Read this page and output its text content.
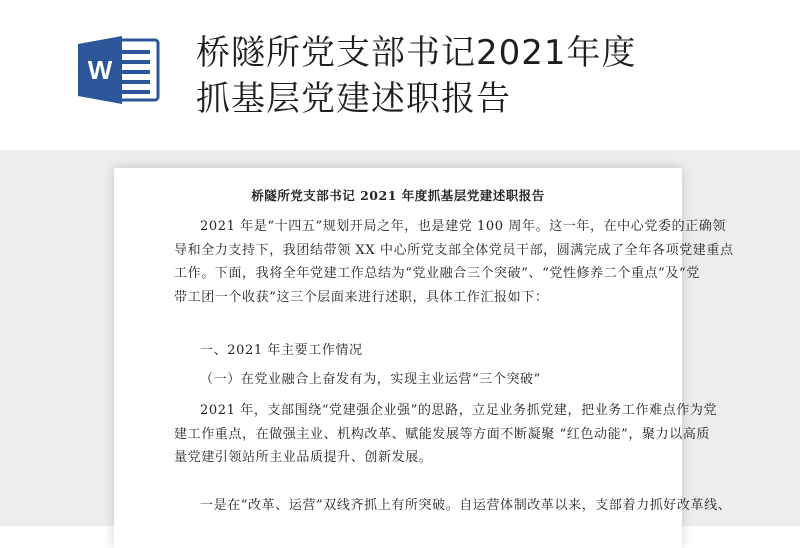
W 桥隧所党支部书记2021年度
抓基层党建述职报告
桥隧所党支部书记 2021 年度抓基层党建述职报告
2021 年是“十四五”规划开局之年，也是建党 100 周年。这一年，在中心党委的正确领
导和全力支持下，我团结带领 XX 中心所党支部全体党员干部，圆满完成了全年各项党建重点
工作。下面，我将全年党建工作总结为“党业融合三个突破”、“党性修养二个重点”及“党
带工团一个收获”这三个层面来进行述职，具体工作汇报如下：
一、2021 年主要工作情况
（一）在党业融合上奋发有为，实现主业运营“三个突破”
2021 年，支部围绕“党建强企业强”的思路，立足业务抓党建，把业务工作难点作为党
建工作重点，在做强主业、机构改革、赋能发展等方面不断凝聚 “红色动能”，聚力以高质
量党建引领站所主业品质提升、创新发展。
一是在“改革、运营”双线齐抓上有所突破。自运营体制改革以来，支部着力抓好改革线、
